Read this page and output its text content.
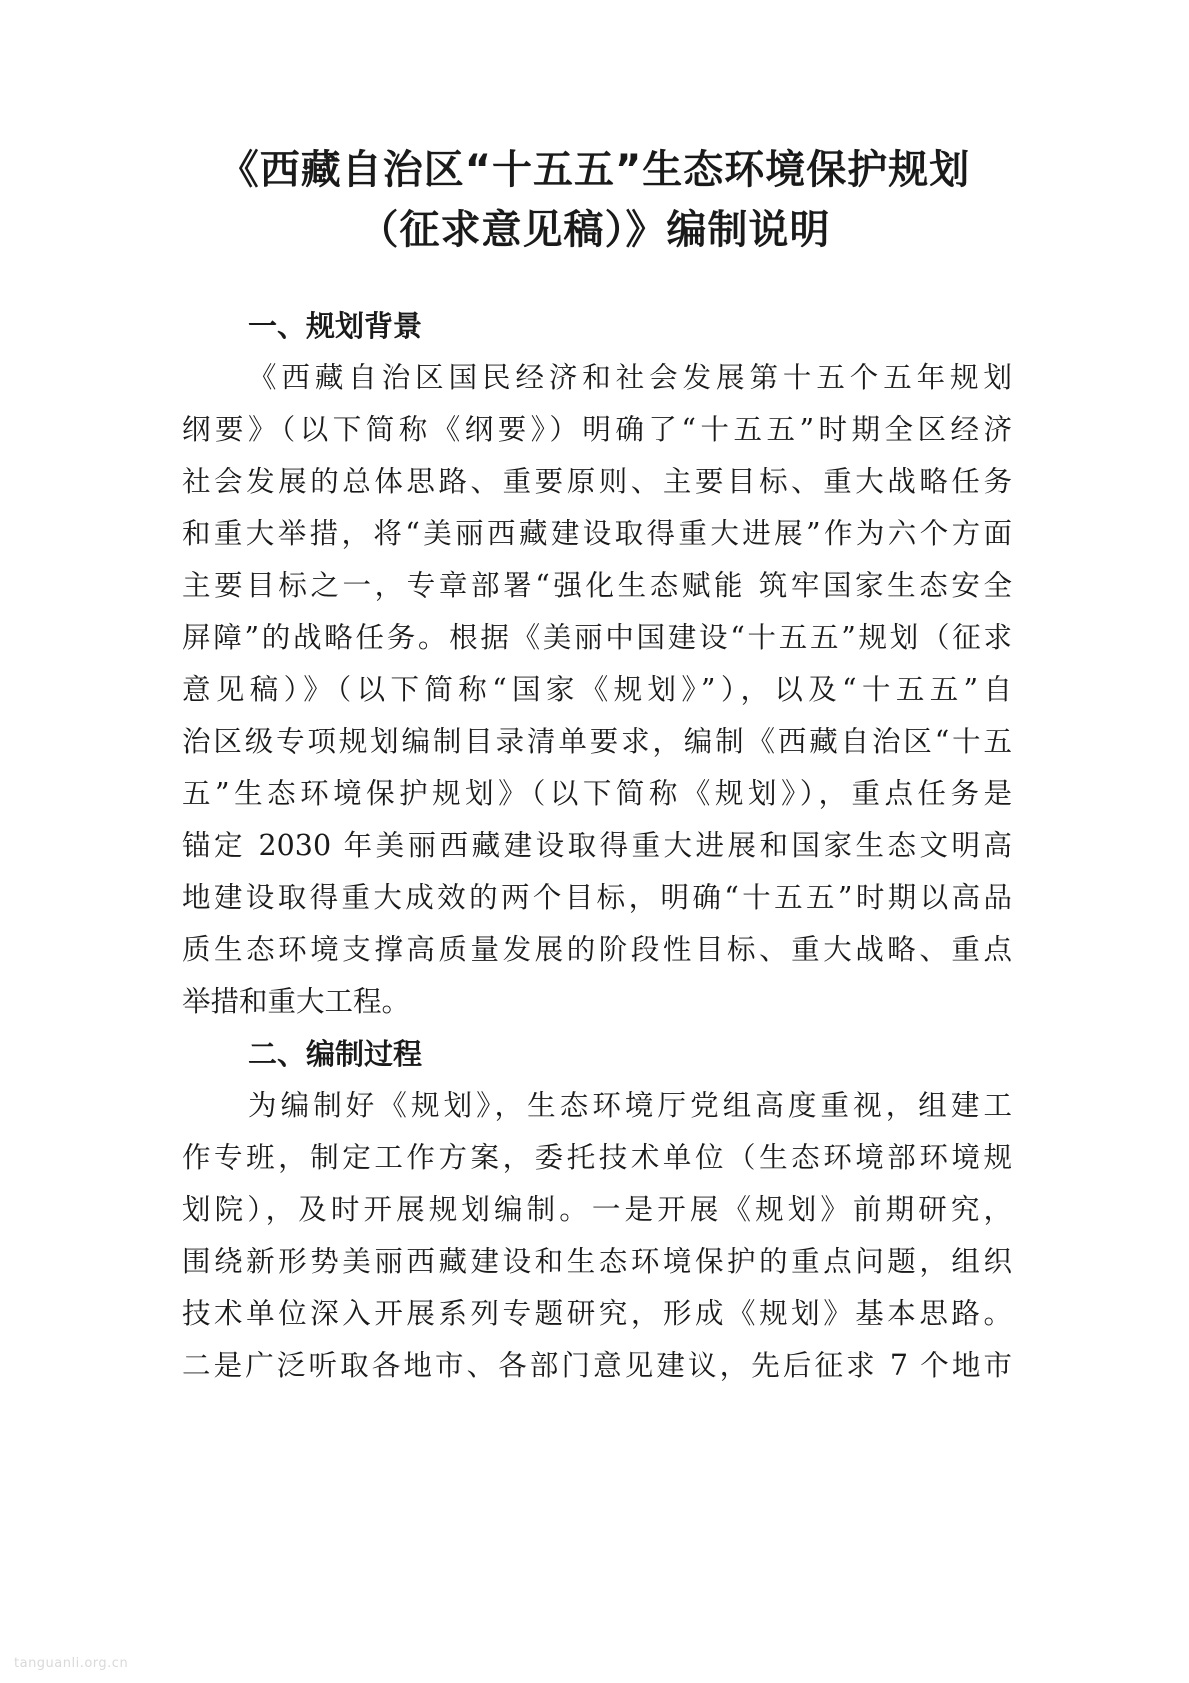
《西藏自治区“十五五”生态环境保护规划
（征求意见稿）》编制说明
一、规划背景

《西藏自治区国民经济和社会发展第十五个五年规划

纲要》（以下简称《纲要》）明确了“十五五”时期全区经济

社会发展的总体思路、重要原则、主要目标、重大战略任务

和重大举措，将“美丽西藏建设取得重大进展”作为六个方面

主要目标之一，专章部署“强化生态赋能 筑牢国家生态安全

屏障”的战略任务。根据《美丽中国建设“十五五”规划（征求

意见稿）》（以下简称“国家《规划》”），以及“十五五”自

治区级专项规划编制目录清单要求，编制《西藏自治区“十五

五”生态环境保护规划》（以下简称《规划》），重点任务是

锚定 2030 年美丽西藏建设取得重大进展和国家生态文明高

地建设取得重大成效的两个目标，明确“十五五”时期以高品

质生态环境支撑高质量发展的阶段性目标、重大战略、重点

举措和重大工程。

二、编制过程

为编制好《规划》，生态环境厅党组高度重视，组建工

作专班，制定工作方案，委托技术单位（生态环境部环境规

划院），及时开展规划编制。一是开展《规划》前期研究，

围绕新形势美丽西藏建设和生态环境保护的重点问题，组织

技术单位深入开展系列专题研究，形成《规划》基本思路。

二是广泛听取各地市、各部门意见建议，先后征求 7 个地市

tanguanli.org.cn
